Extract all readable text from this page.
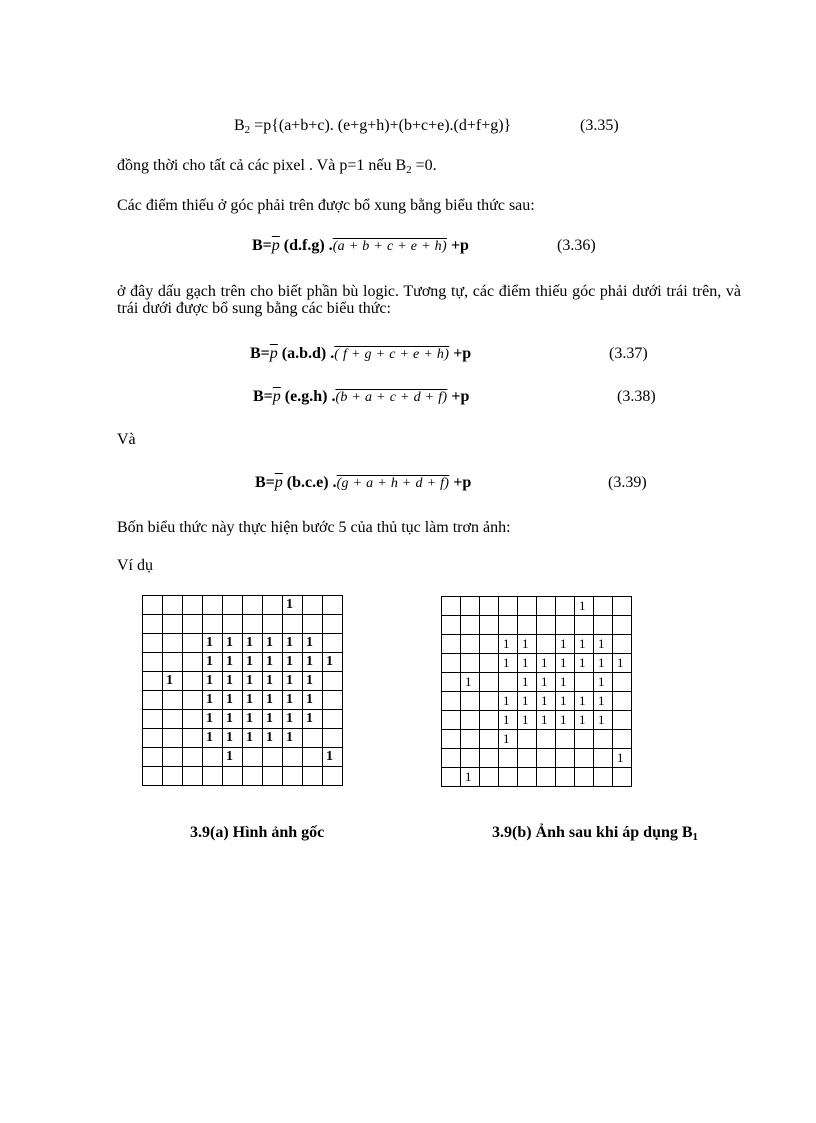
$B_2 =p\{(a+b+c)$. (e+g+h)+(b+c+e).(d+f+g)}	(3.35)
đồng thời cho tất cả các pixel . Và p=1 nếu $B_2 =0$.
Các điểm thiếu ở góc phải trên được bổ xung bằng biểu thức sau:
$B=\overline{p}$ (d.f.g) .(a + b + c + e + h) +p	(3.36)
ở đây dấu gạch trên cho biết phần bù logic. Tương tự, các điểm thiếu góc phải dưới trái trên, và trái dưới được bổ sung bằng các biểu thức:
$B=\overline{p}$ (a.b.d) .( f + g + c + e + h) +p	(3.37)
$B=\overline{p}$ (e.g.h) .(b + a + c + d + f) +p	(3.38)
Và
$B=\overline{p}$ (b.c.e) .(g + a + h + d + f) +p	(3.39)
Bốn biểu thức này thực hiện bước 5 của thủ tục làm trơn ảnh:
Ví dụ
							1		

			1	1	1	1	1	1	
			1	1	1	1	1	1	1
	1		1	1	1	1	1	1	
			1	1	1	1	1	1	
			1	1	1	1	1	1	
			1	1	1	1	1		
				1					1

							1		

			1	1		1	1	1	
			1	1	1	1	1	1	1
	1			1	1	1		1	
			1	1	1	1	1	1	
			1	1	1	1	1	1	
			1						
									1
	1								
3.9(a) Hình ảnh gốc	3.9(b) Ảnh sau khi áp dụng $B_1$
